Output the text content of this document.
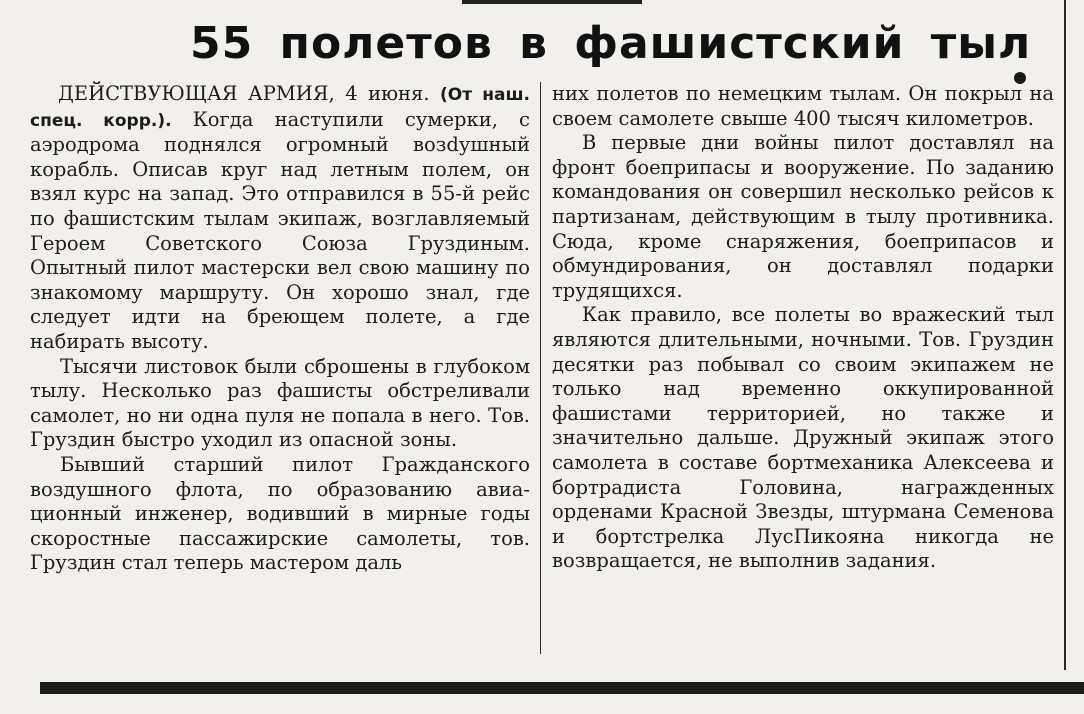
55 полетов в фашистский тыл

ДЕЙСТВУЮЩАЯ АРМИЯ, 4 июня. (От наш. спец. корр.). Когда наступили сумерки, с аэродрома поднялся огромный возdушный корабль. Описав круг над летным полем, он взял курс на запад. Это отправился в 55-й рейс по фашистским тылам экипаж, возглавляемый Героем Советского Союза Груздиным. Опытный пилот мастерски вел свою машину по знакомому маршруту. Он хорошо знал, где следует идти на бреющем полете, а где набирать высоту.

Тысячи листовок были сброшены в глубоком тылу. Несколько раз фашисты обстреливали самолет, но ни одна пуля не попала в него. Тов. Груздин быстро уходил из опасной зоны.

Бывший старший пилот Гражданского воздушного флота, по образованию авиационный инженер, водивший в мирные годы скоростные пассажирские самолеты, тов. Груздин стал теперь мастером даль

них полетов по немецким тылам. Он покрыл на своем самолете свыше 400 тысяч километров.

В первые дни войны пилот доставлял на фронт боеприпасы и вооружение. По заданию командования он совершил несколько рейсов к партизанам, действующим в тылу противника. Сюда, кроме снаряжения, боеприпасов и обмундирования, он доставлял подарки трудящихся.

Как правило, все полеты во вражеский тыл являются длительными, ночными. Тов. Груздин десятки раз побывал со своим экипажем не только над временно оккупированной фашистами территорией, но также и значительно дальше. Дружный экипаж этого самолета в составе бортмеханика Алексеева и бортрадиста Головина, награжденных орденами Красной Звезды, штурмана Семенова и бортстрелка ЛусПикояна никогда не возвращается, не выполнив задания.
